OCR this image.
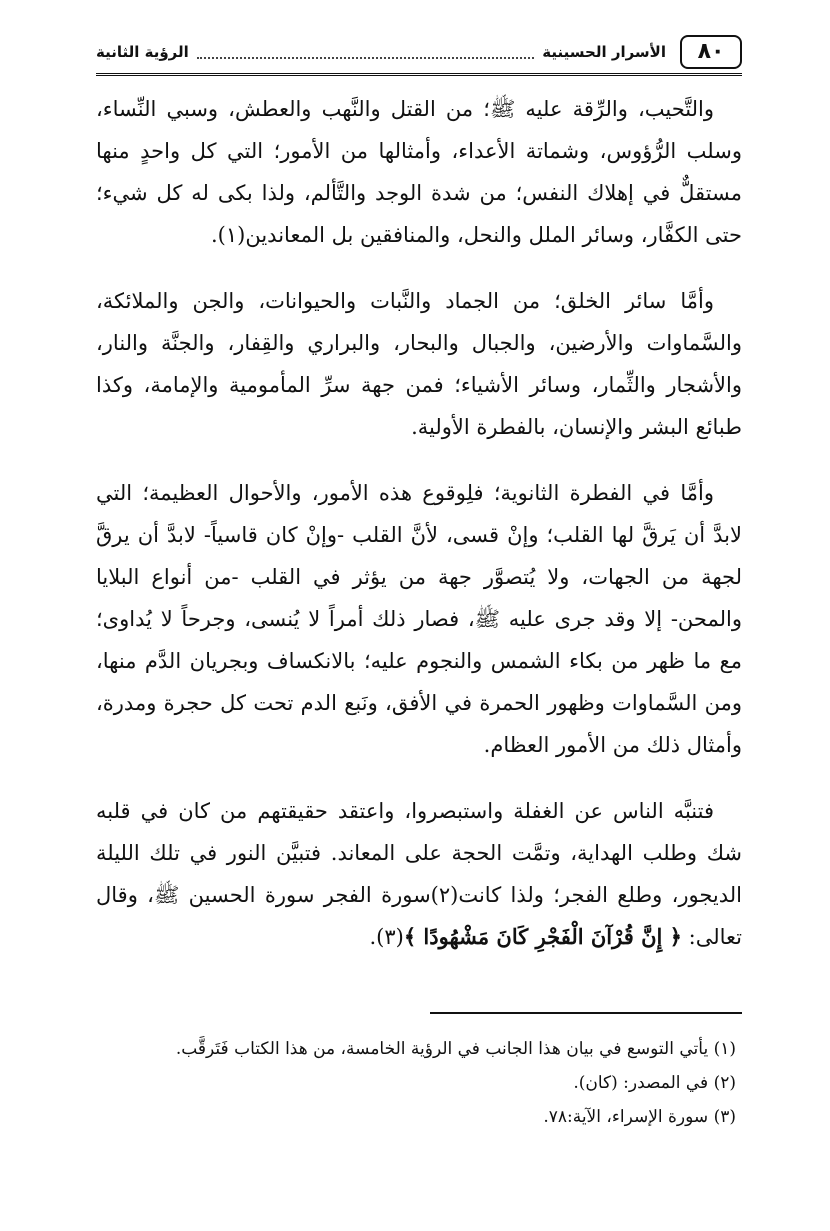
٨٠
الأسرار الحسينية
الرؤية الثانية

والتَّحيب، والرِّقة عليه ﷺ؛ من القتل والنَّهب والعطش، وسبي النِّساء، وسلب الرُّؤوس، وشماتة الأعداء، وأمثالها من الأمور؛ التي كل واحدٍ منها مستقلٌّ في إهلاك النفس؛ من شدة الوجد والتَّألم، ولذا بكى له كل شيء؛ حتى الكفَّار، وسائر الملل والنحل، والمنافقين بل المعاندين(١).

وأمَّا سائر الخلق؛ من الجماد والنَّبات والحيوانات، والجن والملائكة، والسَّماوات والأرضين، والجبال والبحار، والبراري والقِفار، والجنَّة والنار، والأشجار والثِّمار، وسائر الأشياء؛ فمن جهة سرِّ المأمومية والإمامة، وكذا طبائع البشر والإنسان، بالفطرة الأولية.

وأمَّا في الفطرة الثانوية؛ فلِوقوع هذه الأمور، والأحوال العظيمة؛ التي لابدَّ أن يَرقَّ لها القلب؛ وإنْ قسى، لأنَّ القلب -وإنْ كان قاسياً- لابدَّ أن يرقَّ لجهة من الجهات، ولا يُتصوَّر جهة من يؤثر في القلب -من أنواع البلايا والمحن- إلا وقد جرى عليه ﷺ، فصار ذلك أمراً لا يُنسى، وجرحاً لا يُداوى؛ مع ما ظهر من بكاء الشمس والنجوم عليه؛ بالانكساف وبجريان الدَّم منها، ومن السَّماوات وظهور الحمرة في الأفق، ونَبع الدم تحت كل حجرة ومدرة، وأمثال ذلك من الأمور العظام.

فتنبَّه الناس عن الغفلة واستبصروا، واعتقد حقيقتهم من كان في قلبه شك وطلب الهداية، وتمَّت الحجة على المعاند. فتبيَّن النور في تلك الليلة الديجور، وطلع الفجر؛ ولذا كانت(٢)سورة الفجر سورة الحسين ﷺ، وقال تعالى: ﴿ إِنَّ قُرْآنَ الْفَجْرِ كَانَ مَشْهُودًا ﴾(٣).

(١) يأتي التوسع في بيان هذا الجانب في الرؤية الخامسة، من هذا الكتاب فَتَرقَّب.
(٢) في المصدر: (كان).
(٣) سورة الإسراء، الآية:٧٨.
